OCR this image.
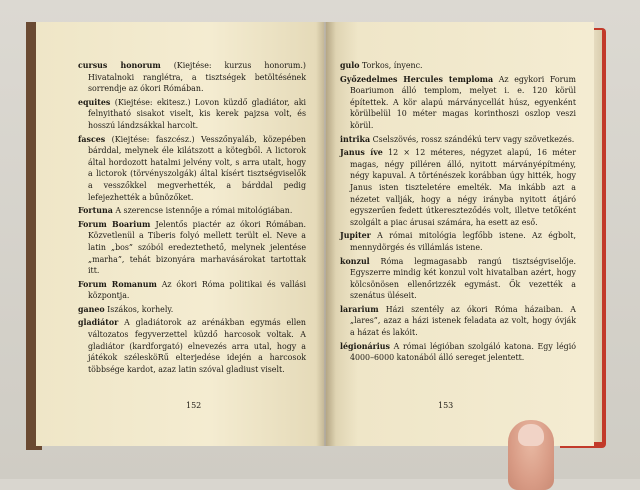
cursus honorum (Kiejtése: kurzus honorum.) Hivatalnoki ranglétra, a tisztségek betöltésének sorrendje az ókori Rómában.
equites (Kiejtése: ekitesz.) Lovon küzdő gladiátor, aki felnyitható sisakot viselt, kis kerek pajzsa volt, és hosszú lándzsákkal harcolt.
fasces (Kiejtése: faszcész.) Vesszőnyaláb, közepében bárddal, melynek éle kilátszott a kötegből. A lictorok által hordozott hatalmi jelvény volt, s arra utalt, hogy a lictorok (törvényszolgák) által kísért tisztségviselők a vesszőkkel megverhették, a bárddal pedig lefejezhették a bűnözőket.
Fortuna A szerencse istennője a római mitológiában.
Forum Boarium Jelentős piactér az ókori Rómában. Közvetlenül a Tiberis folyó mellett terült el. Neve a latin „bos” szóból eredeztethető, melynek jelentése „marha”, tehát bizonyára marhavásárokat tartottak itt.
Forum Romanum Az ókori Róma politikai és vallási központja.
ganeo Iszákos, korhely.
gladiátor A gladiátorok az arénákban egymás ellen változatos fegyverzettel küzdő harcosok voltak. A gladiátor (kardforgató) elnevezés arra utal, hogy a játékok szélesköRű elterjedése idején a harcosok többsége kardot, azaz latin szóval gladiust viselt.
152
gulo Torkos, ínyenc.
Győzedelmes Hercules temploma Az egykori Forum Boariumon álló templom, melyet i. e. 120 körül építettek. A kör alapú márványcellát húsz, egyenként körülbelül 10 méter magas korinthoszi oszlop veszi körül.
intrika Cselszövés, rossz szándékú terv vagy szövetkezés.
Janus íve 12 × 12 méteres, négyzet alapú, 16 méter magas, négy pilléren álló, nyitott márványépítmény, négy kapuval. A történészek korábban úgy hitték, hogy Janus isten tiszteletére emelték. Ma inkább azt a nézetet vallják, hogy a négy irányba nyitott átjáró egyszerűen fedett útkereszteződés volt, illetve tetőként szolgált a piac árusai számára, ha esett az eső.
Jupiter A római mitológia legfőbb istene. Az égbolt, mennydörgés és villámlás istene.
konzul Róma legmagasabb rangú tisztségviselője. Egyszerre mindig két konzul volt hivatalban azért, hogy kölcsönösen ellenőrizzék egymást. Ők vezették a szenátus üléseit.
lararium Házi szentély az ókori Róma házaiban. A „lares”, azaz a házi istenek feladata az volt, hogy óvják a házat és lakóit.
légionárius A római légióban szolgáló katona. Egy légió 4000–6000 katonából álló sereget jelentett.
153
